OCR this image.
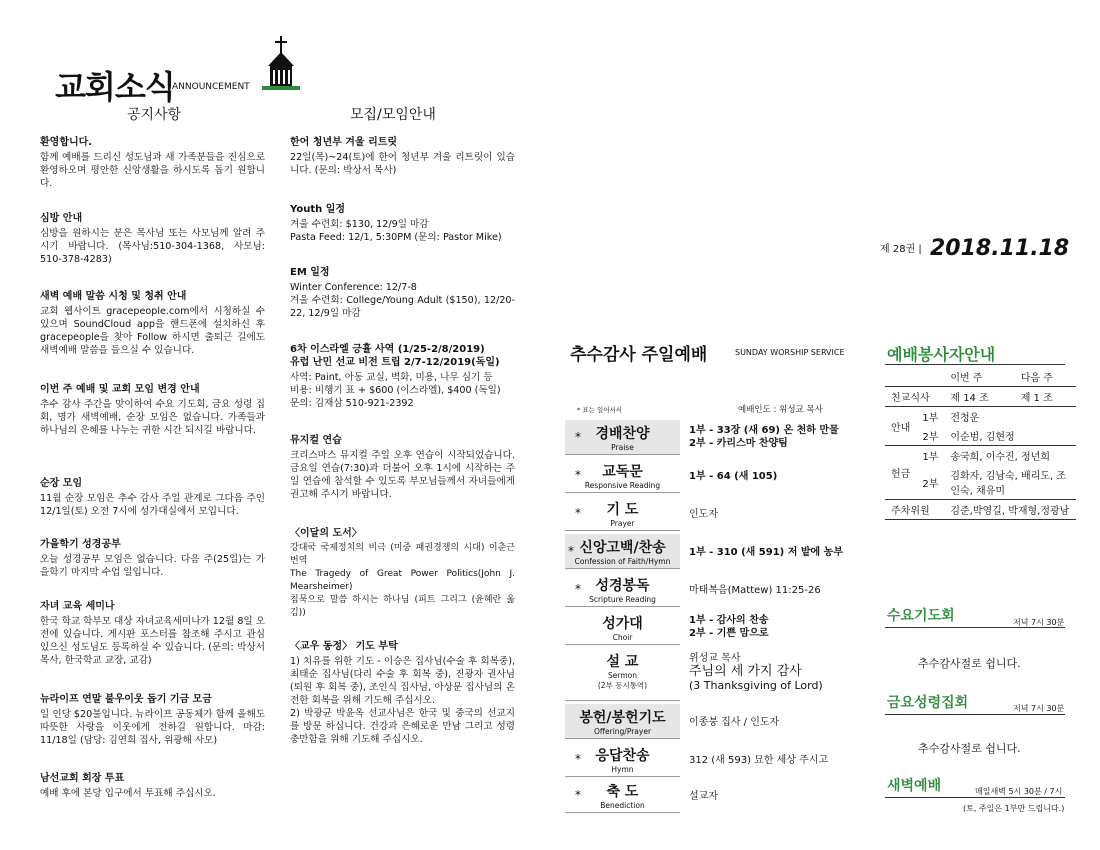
교회소식
ANNOUNCEMENT
공지사항	모집/모임안내
환영합니다.

함께 예배를 드리신 성도님과 새 가족분들을 진심으로 환영하오며 평안한 신앙생활을 하시도록 돕기 원합니다.

심방 안내

심방을 원하시는 분은 목사님 또는 사모님께 알려 주시기 바랍니다. (목사님:510-304-1368, 사모님: 510-378-4283)

새벽 예배 말씀 시청 및 청취 안내

교회 웹사이트 gracepeople.com에서 시청하실 수 있으며 SoundCloud app을 핸드폰에 설치하신 후 gracepeople을 찾아 Follow 하시면 출퇴근 길에도 새벽예배 말씀을 들으실 수 있습니다.

이번 주 예배 및 교회 모임 변경 안내

추수 감사 주간을 맞이하여 수요 기도회, 금요 성령 집회, 명가 새벽예배, 순장 모임은 없습니다. 가족들과 하나님의 은혜를 나누는 귀한 시간 되시길 바랍니다.

순장 모임

11월 순장 모임은 추수 감사 주일 관계로 그다음 주인 12/1일(토) 오전 7시에 성가대실에서 모입니다.

가을학기 성경공부

오늘 성경공부 모임은 없습니다. 다음 주(25일)는 가을학기 마지막 수업 일입니다.

자녀 교육 세미나

한국 학교 학부모 대상 자녀교육세미나가 12월 8일 오전에 있습니다. 게시판 포스터를 참조해 주시고 관심 있으신 성도님도 등록하실 수 있습니다. (문의: 박상서 목사, 한국학교 교장, 교감)

뉴라이프 연말 불우이웃 돕기 기금 모금

일 인당 $20불입니다. 뉴라이프 공동체가 함께 올해도 따뜻한 사랑을 이웃에게 전하길 원합니다. 마감: 11/18일 (담당: 김연희 집사, 위광해 사모)

남선교회 회장 투표

예배 후에 본당 입구에서 투표해 주십시오.

한어 청년부 겨울 리트릿

22일(목)~24(토)에 한어 청년부 겨울 리트릿이 있습니다. (문의: 박상서 목사)

Youth 일정

겨울 수련회: $130, 12/9일 마감
Pasta Feed: 12/1, 5:30PM (문의: Pastor Mike)

EM 일정

Winter Conference: 12/7-8
겨울 수련회: College/Young Adult ($150), 12/20-22, 12/9일 마감

6차 이스라엘 긍휼 사역 (1/25-2/8/2019)
유럽 난민 선교 비전 트립 2/7-12/2019(독일)

사역: Paint, 아동 교실, 벽화, 미용, 나무 심기 등
비용: 비행기 표 + $600 (이스라엘), $400 (독일)
문의: 김재삼 510-921-2392

뮤지컬 연습

크리스마스 뮤지컬 주일 오후 연습이 시작되었습니다. 금요일 연습(7:30)과 더불어 오후 1시에 시작하는 주일 연습에 참석할 수 있도록 부모님들께서 자녀들에게 권고해 주시기 바랍니다.

〈이달의 도서〉

강대국 국제정치의 비극 (미중 패권경쟁의 시대) 이춘근 번역
The Tragedy of Great Power Politics(John J. Mearsheimer)
침묵으로 말씀 하시는 하나님 (피트 그리그 (윤혜란 옮김))

〈교우 동정〉 기도 부탁

1) 치유를 위한 기도 - 이승은 집사님(수술 후 회복중), 최태순 집사님(다리 수술 후 회복 중), 진광자 권사님(퇴원 후 회복 중), 조인식 집사님, 아상문 집사님의 온전한 회복을 위해 기도해 주십시오.
2) 박광균 박윤옥 선교사님은 한국 및 중국의 선교지를 방문 하십니다. 건강과 은혜로운 만남 그리고 성령 충만함을 위해 기도해 주십시오.

제 28권 | 2018.11.18
추수감사 주일예배	SUNDAY WORSHIP SERVICE
* 표는 일어서서	예배인도 : 위성교 목사
경배찬양
Praise
*	1부 - 33장 (새 69) 온 천하 만물
2부 - 카리스마 찬양팀
교독문
Responsive Reading
*	1부 - 64 (새 105)
기 도
Prayer
*	인도자
신앙고백/찬송
Confession of Faith/Hymn
*	1부 - 310 (새 591) 저 밭에 농부
성경봉독
Scripture Reading
*	마태복음(Mattew) 11:25-26
성가대
Choir
1부 - 감사의 찬송
2부 - 기쁜 맘으로
설 교
Sermon
(2부 동시통역)
위성교 목사
주님의 세 가지 감사
(3 Thanksgiving of Lord)
봉헌/봉헌기도
Offering/Prayer
이종붕 집사 / 인도자
응답찬송
Hymn
*	312 (새 593) 묘한 세상 주시고
축 도
Benediction
*	설교자
예배봉사자안내
		이번 주	다음 주
친교식사		제 14 조	제 1 조
안내	1부	전청운	
	2부	이순범, 김현정	
헌금	1부	송국희, 이수진, 정년희	
	2부	김화자, 김남숙, 배리도, 조인숙, 채유미	
주차위원		김준,박영길, 박재형,정광남	
수요기도회	저녁 7시 30분
추수감사절로 쉽니다.
금요성령집회	저녁 7시 30분
추수감사절로 쉽니다.
새벽예배	매일새벽 5시 30분 / 7시
(토, 주일은 1부만 드립니다.)
